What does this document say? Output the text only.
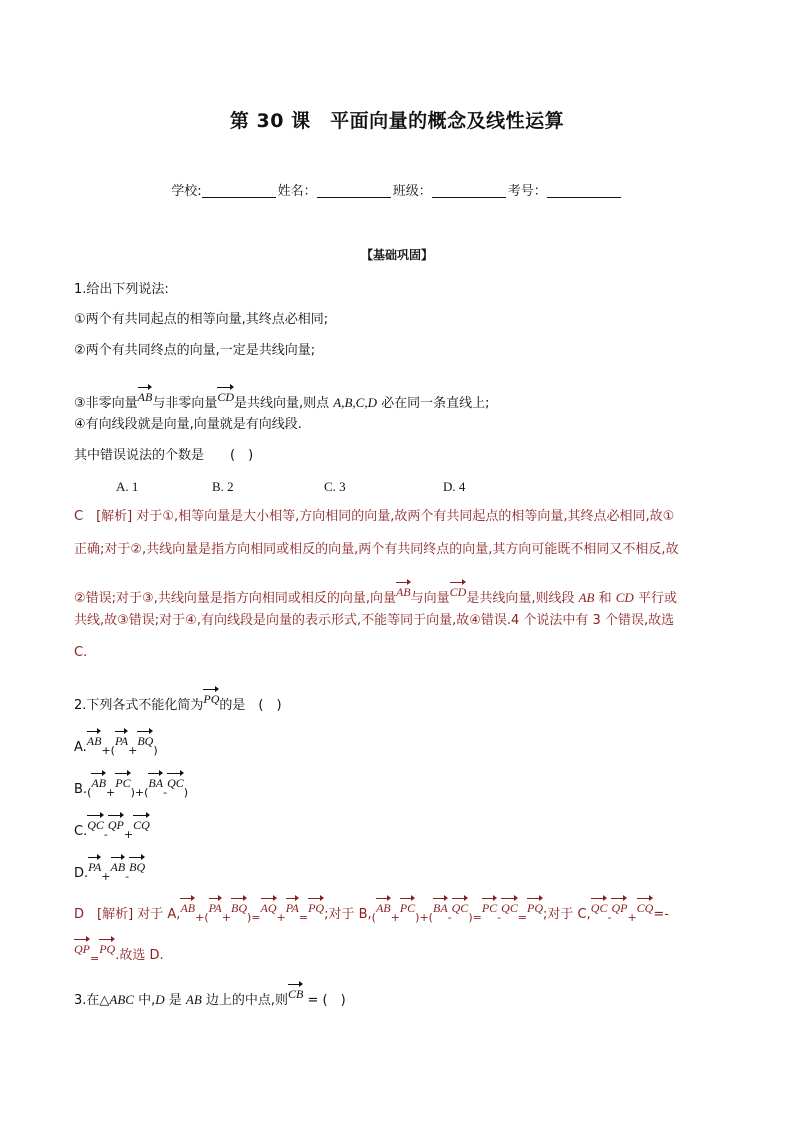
第 30 课　平面向量的概念及线性运算
学校:	姓名：	班级：	考号：
【基础巩固】
1.给出下列说法:
①两个有共同起点的相等向量,其终点必相同;
②两个有共同终点的向量,一定是共线向量;
③非零向量AB与非零向量CD是共线向量,则点 A,B,C,D 必在同一条直线上;
④有向线段就是向量,向量就是有向线段.
其中错误说法的个数是　　(　)
A. 1	B. 2	C. 3	D. 4
C　[解析] 对于①,相等向量是大小相等,方向相同的向量,故两个有共同起点的相等向量,其终点必相同,故①
正确;对于②,共线向量是指方向相同或相反的向量,两个有共同终点的向量,其方向可能既不相同又不相反,故
②错误;对于③,共线向量是指方向相同或相反的向量,向量AB与向量CD是共线向量,则线段 AB 和 CD 平行或
共线,故③错误;对于④,有向线段是向量的表示形式,不能等同于向量,故④错误.4 个说法中有 3 个错误,故选
C.
2.下列各式不能化简为PQ的是　(　)
$A.AB_{+(}PA_+BQ_)$
$B._(AB_+PC_{)+(}BA_-QC_)$
$C.QC_-QP_+CQ$
$D.PA_+AB_-BQ$
D　[解析] 对于 $A,AB_{+(}PA_+BQ_{)=}AQ_+PA_=PQ$;对于 $B,_(AB_+PC_{)+(}BA_-QC_{)=}PC_-QC_=PQ$;对于 $C,QC_-QP_+CQ=-$
$QP_=PQ$.故选 D.
3.在△ABC 中,D 是 AB 边上的中点,则CB = (　)
